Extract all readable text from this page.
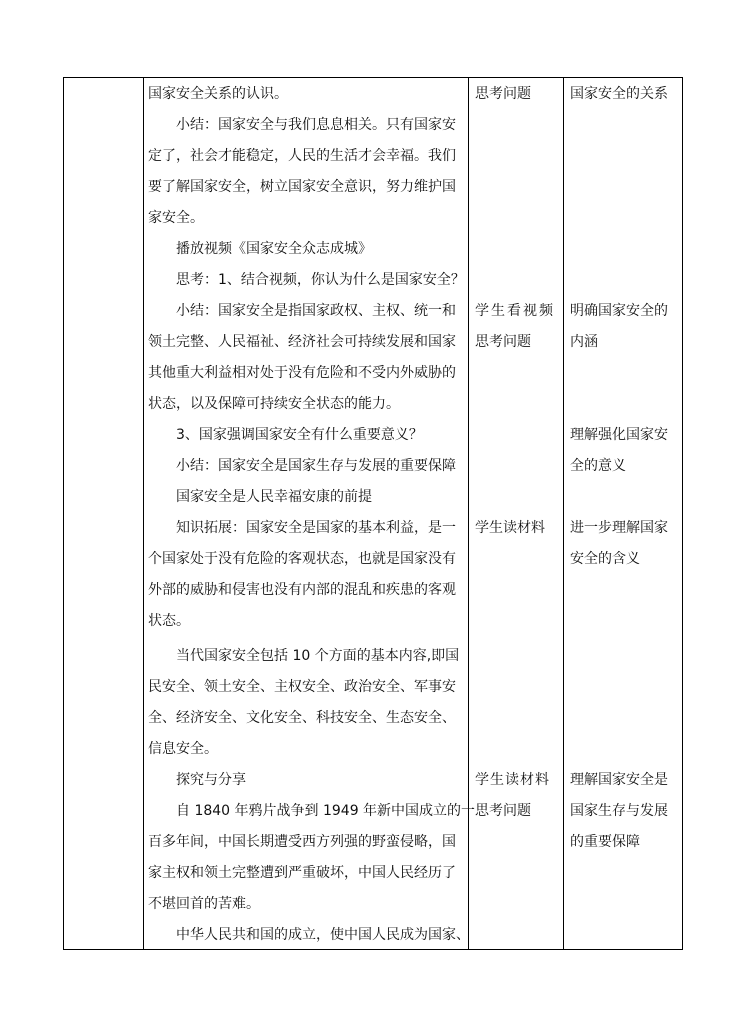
国家安全关系的认识。

小结：国家安全与我们息息相关。只有国家安

定了，社会才能稳定，人民的生活才会幸福。我们

要了解国家安全，树立国家安全意识，努力维护国

家安全。

播放视频《国家安全众志成城》

思考：1、结合视频，你认为什么是国家安全？

小结：国家安全是指国家政权、主权、统一和

领土完整、人民福祉、经济社会可持续发展和国家

其他重大利益相对处于没有危险和不受内外威胁的

状态，以及保障可持续安全状态的能力。

3、国家强调国家安全有什么重要意义？

小结：国家安全是国家生存与发展的重要保障

国家安全是人民幸福安康的前提

知识拓展：国家安全是国家的基本利益，是一

个国家处于没有危险的客观状态，也就是国家没有

外部的威胁和侵害也没有内部的混乱和疾患的客观

状态。

当代国家安全包括 10 个方面的基本内容,即国

民安全、领土安全、主权安全、政治安全、军事安

全、经济安全、文化安全、科技安全、生态安全、

信息安全。

探究与分享

自 1840 年鸦片战争到 1949 年新中国成立的一

百多年间，中国长期遭受西方列强的野蛮侵略，国

家主权和领土完整遭到严重破坏，中国人民经历了

不堪回首的苦难。

中华人民共和国的成立，使中国人民成为国家、

思考问题

学生看视频

思考问题

学生读材料

学生读材料

思考问题

国家安全的关系

明确国家安全的

内涵

理解强化国家安

全的意义

进一步理解国家

安全的含义

理解国家安全是

国家生存与发展

的重要保障
